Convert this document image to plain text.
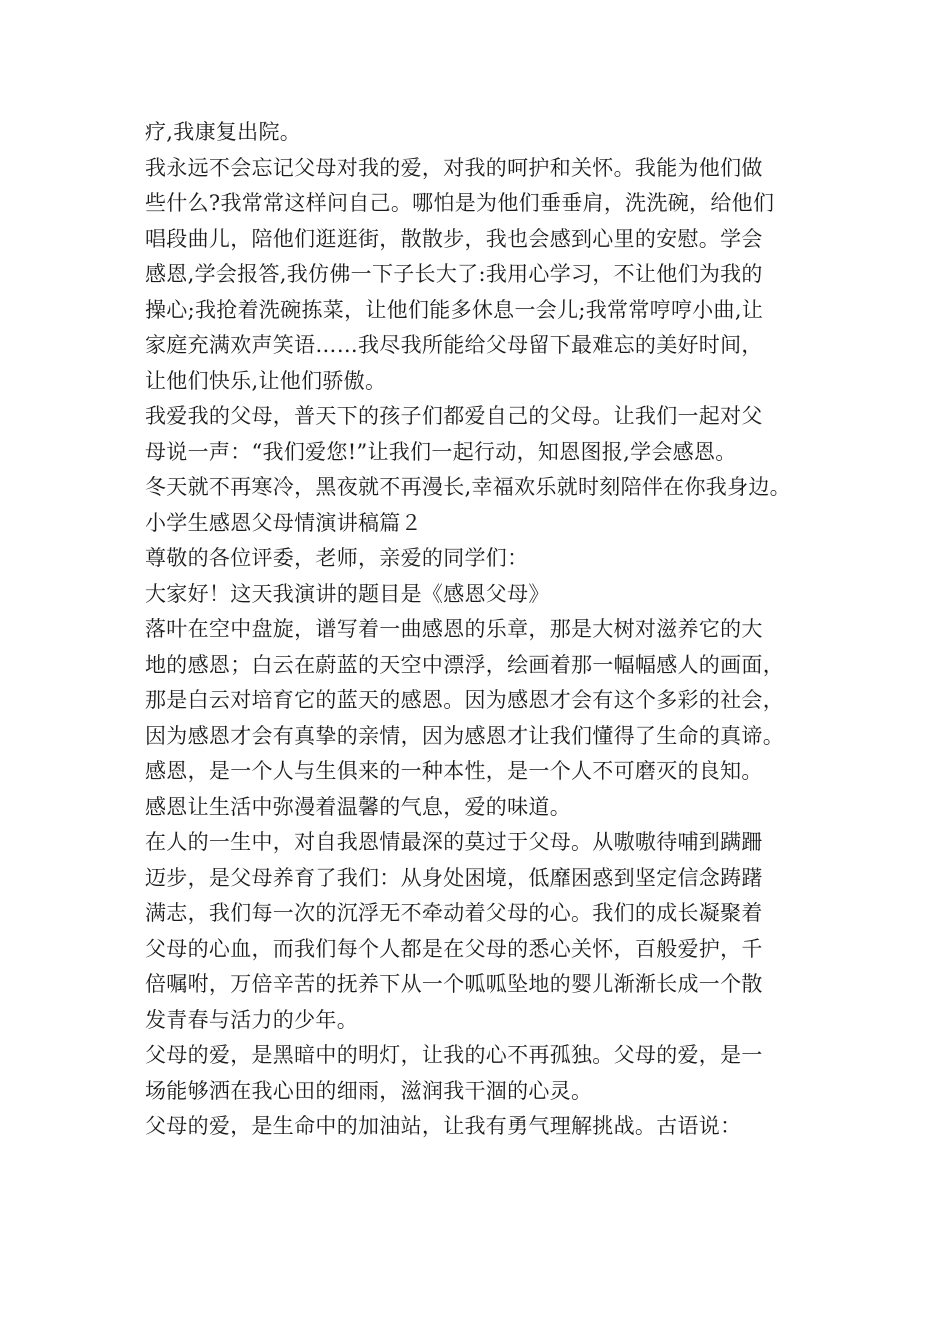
疗,我康复出院。
我永远不会忘记父母对我的爱，对我的呵护和关怀。我能为他们做
些什么?我常常这样问自己。哪怕是为他们垂垂肩，洗洗碗，给他们
唱段曲儿，陪他们逛逛街，散散步，我也会感到心里的安慰。学会
感恩,学会报答,我仿佛一下子长大了:我用心学习，不让他们为我的
操心;我抢着洗碗拣菜，让他们能多休息一会儿;我常常哼哼小曲,让
家庭充满欢声笑语……我尽我所能给父母留下最难忘的美好时间，
让他们快乐,让他们骄傲。
我爱我的父母，普天下的孩子们都爱自己的父母。让我们一起对父
母说一声：“我们爱您!”让我们一起行动，知恩图报,学会感恩。
冬天就不再寒冷，黑夜就不再漫长,幸福欢乐就时刻陪伴在你我身边。
小学生感恩父母情演讲稿篇２
尊敬的各位评委，老师，亲爱的同学们：
大家好！这天我演讲的题目是《感恩父母》
落叶在空中盘旋，谱写着一曲感恩的乐章，那是大树对滋养它的大
地的感恩；白云在蔚蓝的天空中漂浮，绘画着那一幅幅感人的画面，
那是白云对培育它的蓝天的感恩。因为感恩才会有这个多彩的社会，
因为感恩才会有真挚的亲情，因为感恩才让我们懂得了生命的真谛。
感恩，是一个人与生俱来的一种本性，是一个人不可磨灭的良知。
感恩让生活中弥漫着温馨的气息，爱的味道。
在人的一生中，对自我恩情最深的莫过于父母。从嗷嗷待哺到蹒跚
迈步，是父母养育了我们：从身处困境，低靡困惑到坚定信念踌躇
满志，我们每一次的沉浮无不牵动着父母的心。我们的成长凝聚着
父母的心血，而我们每个人都是在父母的悉心关怀，百般爱护，千
倍嘱咐，万倍辛苦的抚养下从一个呱呱坠地的婴儿渐渐长成一个散
发青春与活力的少年。
父母的爱，是黑暗中的明灯，让我的心不再孤独。父母的爱，是一
场能够洒在我心田的细雨，滋润我干涸的心灵。
父母的爱，是生命中的加油站，让我有勇气理解挑战。古语说：
